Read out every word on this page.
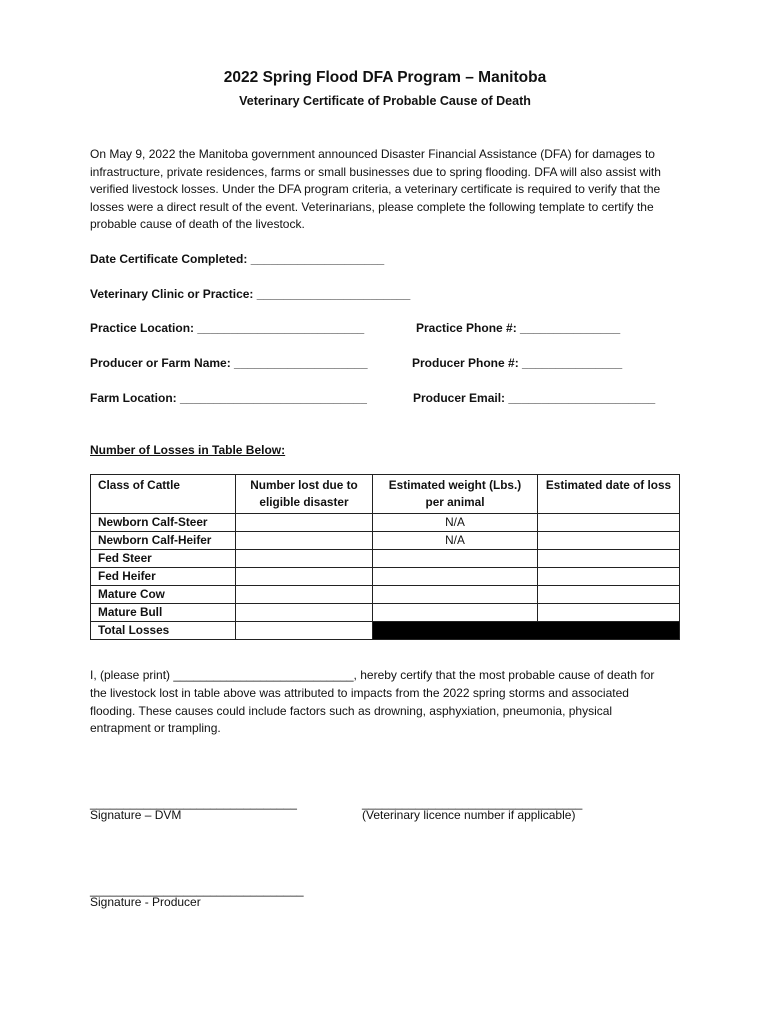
2022 Spring Flood DFA Program – Manitoba
Veterinary Certificate of Probable Cause of Death
On May 9, 2022 the Manitoba government announced Disaster Financial Assistance (DFA) for damages to infrastructure, private residences, farms or small businesses due to spring flooding. DFA will also assist with verified livestock losses. Under the DFA program criteria, a veterinary certificate is required to verify that the losses were a direct result of the event. Veterinarians, please complete the following template to certify the probable cause of death of the livestock.
Date Certificate Completed: ____________________
Veterinary Clinic or Practice: _______________________
Practice Location: _________________________	Practice Phone #: _______________
Producer or Farm Name: ____________________	Producer Phone #: _______________
Farm Location: ____________________________	Producer Email: ______________________
Number of Losses in Table Below:
Class of Cattle	Number lost due to eligible disaster	Estimated weight (Lbs.) per animal	Estimated date of loss
Newborn Calf-Steer		N/A	
Newborn Calf-Heifer		N/A	
Fed Steer			
Fed Heifer			
Mature Cow			
Mature Bull			
Total Losses			
I, (please print) ___________________________, hereby certify that the most probable cause of death for the livestock lost in table above was attributed to impacts from the 2022 spring storms and associated flooding. These causes could include factors such as drowning, asphyxiation, pneumonia, physical entrapment or trampling.
_______________________________
Signature – DVM
_________________________________
(Veterinary licence number if applicable)
________________________________
Signature - Producer
